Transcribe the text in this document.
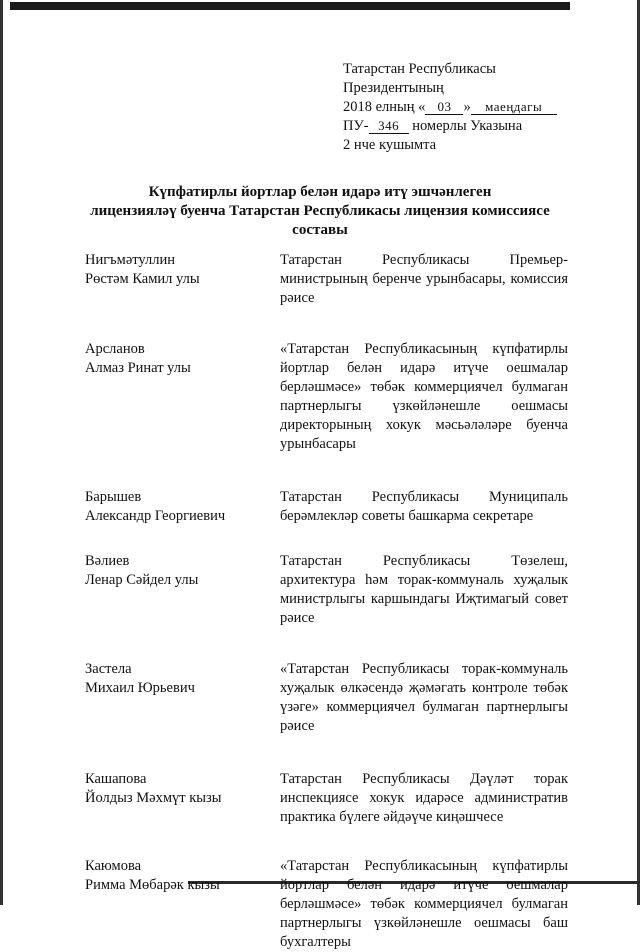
Татарстан Республикасы
Президентының
2018 елның « 03 » маеңдагы
ПУ- 346 номерлы Указына
2 нче кушымта
Күпфатирлы йортлар белән идарә итү эшчәнлеген
лицензияләү буенча Татарстан Республикасы лицензия комиссиясе
составы
Нигъмәтуллин
Рөстәм Камил улы
Татарстан Республикасы Премьер-министрының беренче урынбасары, комиссия рәисе
Арсланов
Алмаз Ринат улы
«Татарстан Республикасының күпфатирлы йортлар белән идарә итүче оешмалар берләшмәсе» төбәк коммерциячел булмаган партнерлыгы үзкөйләнешле оешмасы директорының хокук мәсьәләләре буенча урынбасары
Барышев
Александр Георгиевич
Татарстан Республикасы Муниципаль берәмлекләр советы башкарма секретаре
Вәлиев
Ленар Сәйдел улы
Татарстан Республикасы Төзелеш, архитектура һәм торак-коммуналь хуҗалык министрлыгы каршындагы Иҗтимагый совет рәисе
Застела
Михаил Юрьевич
«Татарстан Республикасы торак-коммуналь хуҗалык өлкәсендә җәмәгать контроле төбәк үзәге» коммерциячел булмаган партнерлыгы рәисе
Кашапова
Йолдыз Мәхмүт кызы
Татарстан Республикасы Дәүләт торак инспекциясе хокук идарәсе административ практика бүлеге әйдәүче киңәшчесе
Каюмова
Римма Мөбарәк кызы
«Татарстан Республикасының күпфатирлы йортлар белән идарә итүче оешмалар берләшмәсе» төбәк коммерциячел булмаган партнерлыгы үзкөйләнешле оешмасы баш бухгалтеры
